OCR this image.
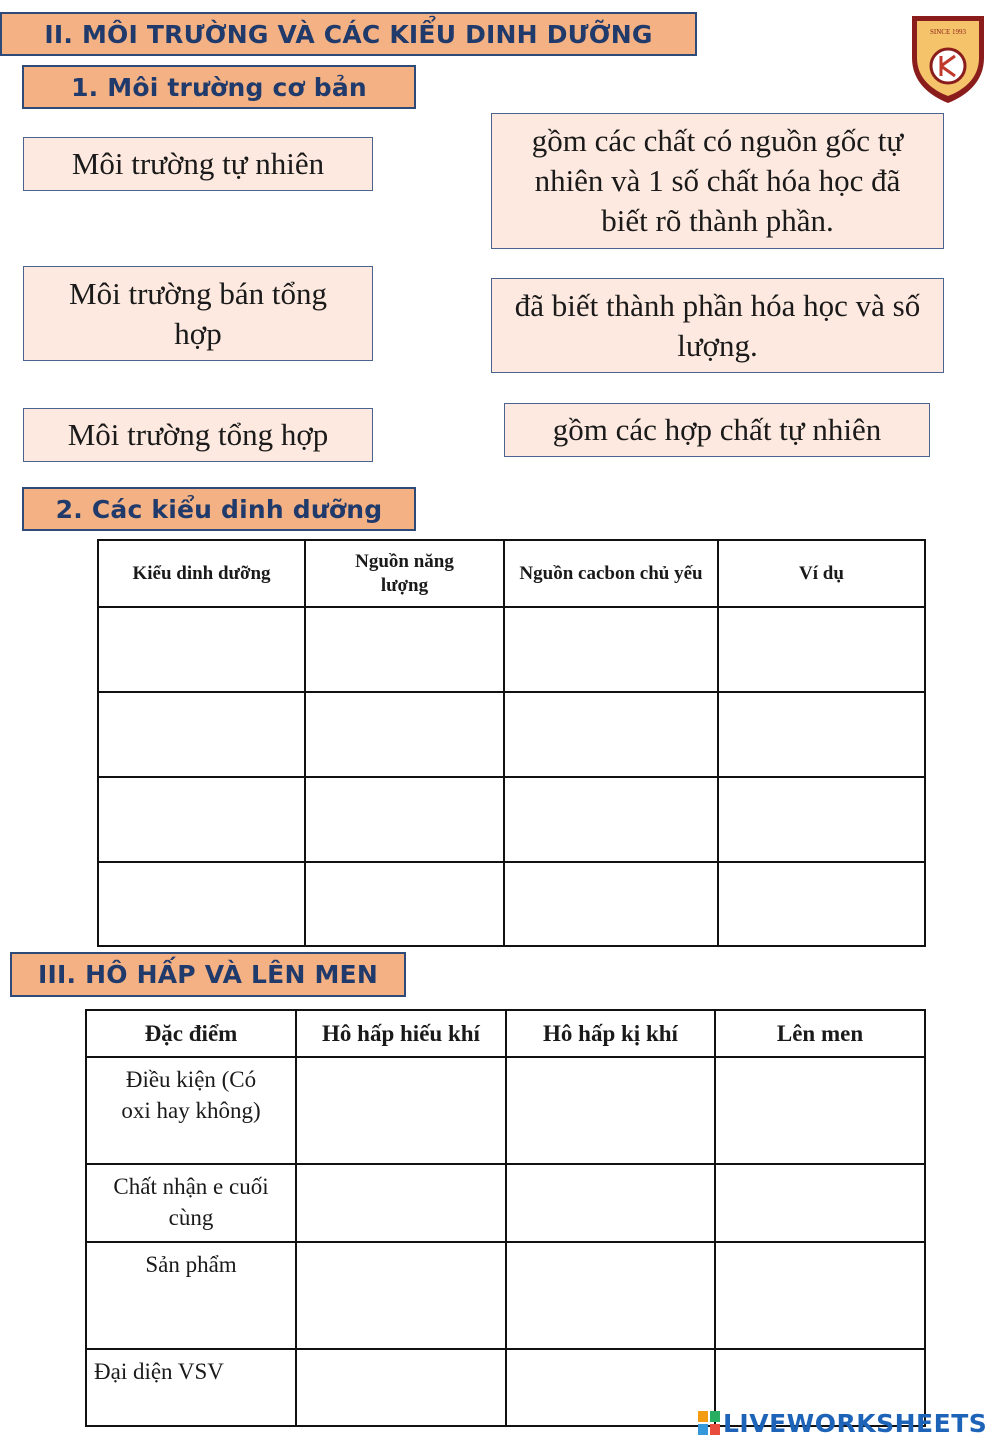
II. MÔI TRƯỜNG VÀ CÁC KIỂU DINH DƯỠNG	SINCE 1993
1. Môi trường cơ bản
Môi trường tự nhiên
Môi trường bán tổng hợp
Môi trường tổng hợp
gồm các chất có nguồn gốc tự nhiên và 1 số chất hóa học đã biết rõ thành phần.
đã biết thành phần hóa học và số lượng.
gồm các hợp chất tự nhiên
2. Các kiểu dinh dưỡng
Kiểu dinh dưỡng	Nguồn năng lượng	Nguồn cacbon chủ yếu	Ví dụ

III. HÔ HẤP VÀ LÊN MEN
Đặc điểm	Hô hấp hiếu khí	Hô hấp kị khí	Lên men
Điều kiện (Có oxi hay không)			
Chất nhận e cuối cùng			
Sản phẩm			
Đại diện VSV			
LIVEWORKSHEETS
